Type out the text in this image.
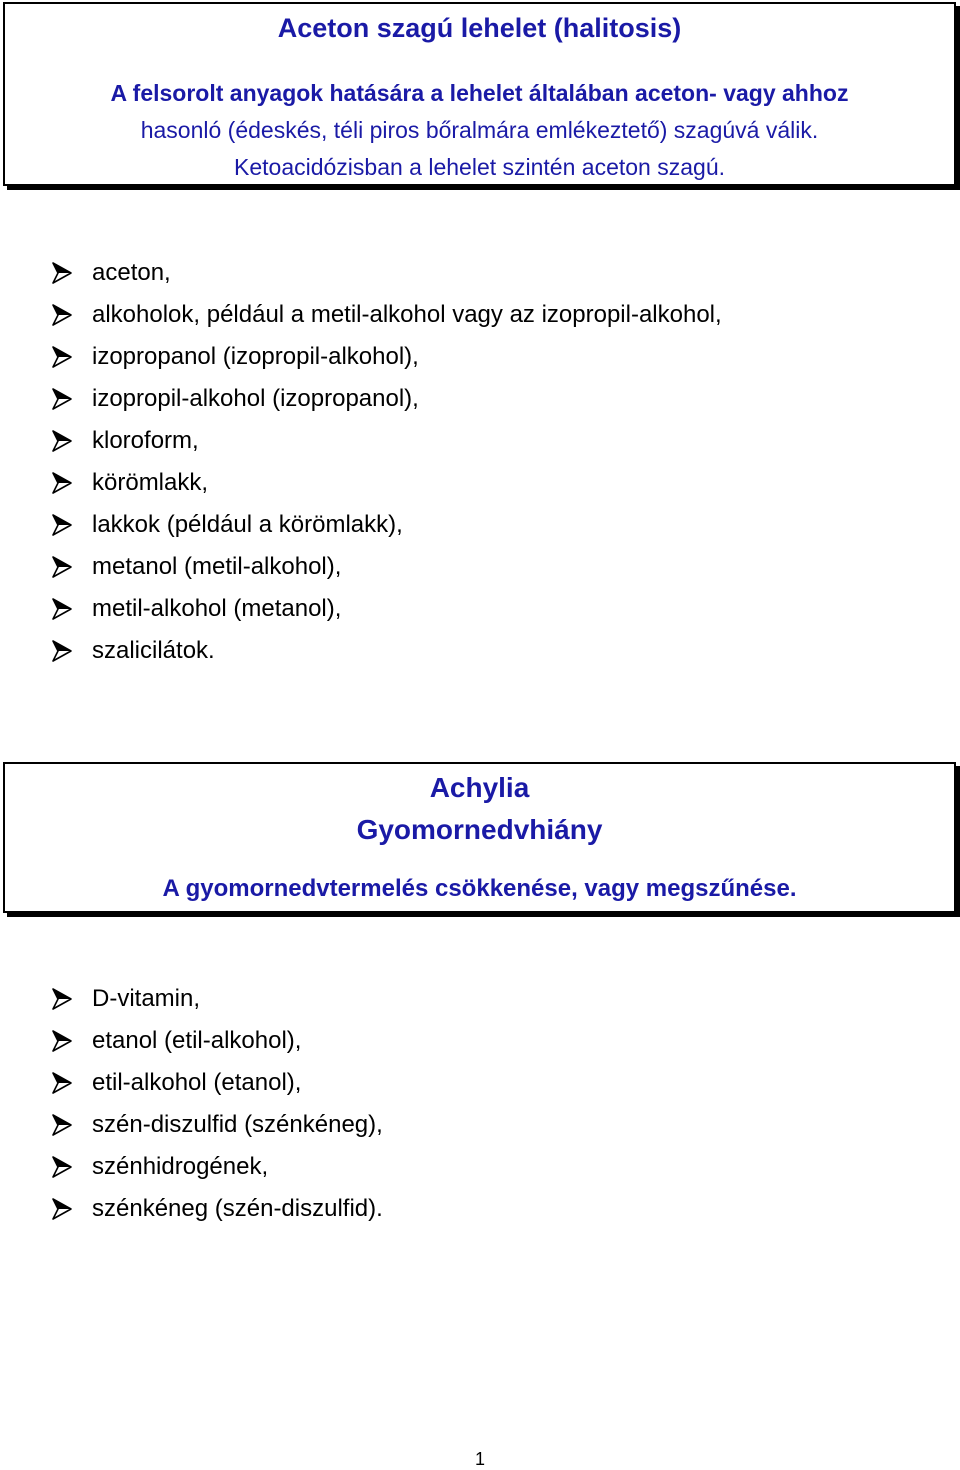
Aceton szagú lehelet (halitosis)
A felsorolt anyagok hatására a lehelet általában aceton- vagy ahhoz
hasonló (édeskés, téli piros bőralmára emlékeztető) szagúvá válik.
Ketoacidózisban a lehelet szintén aceton szagú.
aceton,
alkoholok, például a metil-alkohol vagy az izopropil-alkohol,
izopropanol (izopropil-alkohol),
izopropil-alkohol (izopropanol),
kloroform,
körömlakk,
lakkok (például a körömlakk),
metanol (metil-alkohol),
metil-alkohol (metanol),
szalicilátok.
Achylia
Gyomornedvhiány
A gyomornedvtermelés csökkenése, vagy megszűnése.
D-vitamin,
etanol (etil-alkohol),
etil-alkohol (etanol),
szén-diszulfid (szénkéneg),
szénhidrogének,
szénkéneg (szén-diszulfid).
1
